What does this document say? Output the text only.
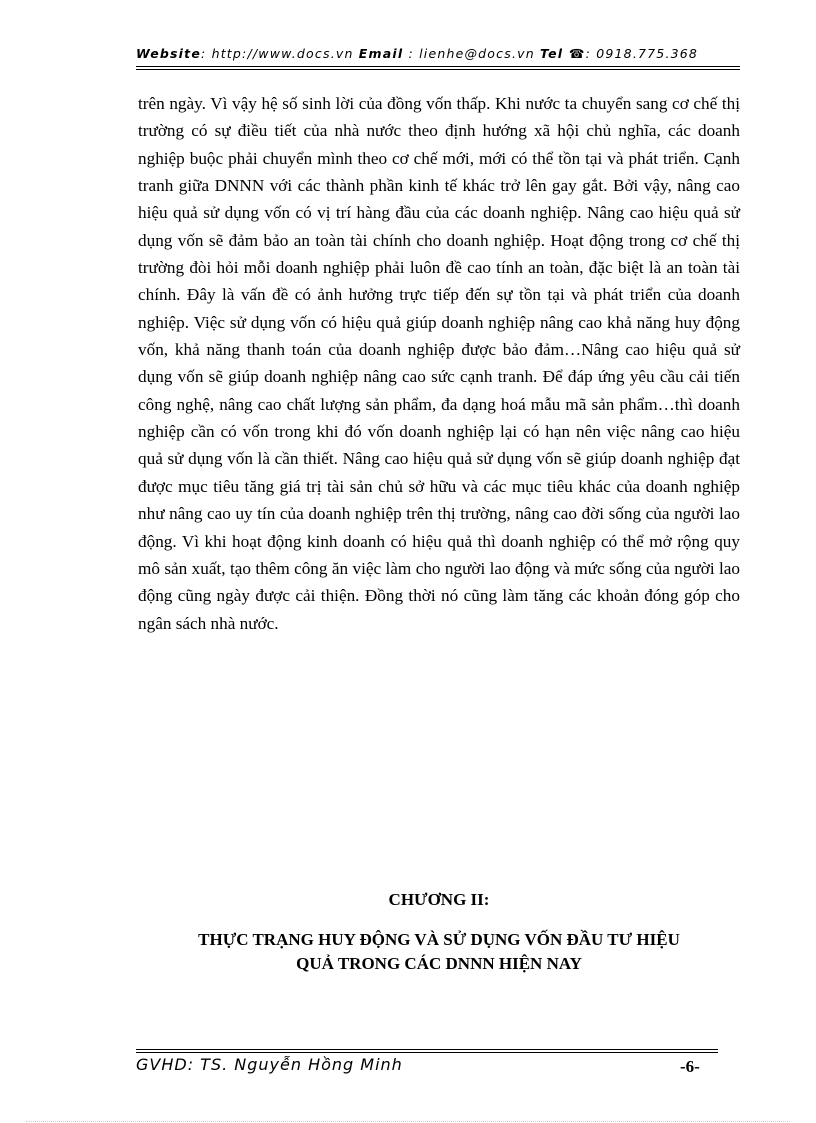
Website: http://www.docs.vn Email : lienhe@docs.vn Tel ☎: 0918.775.368

trên ngày. Vì vậy hệ số sinh lời của đồng vốn thấp. Khi nước ta chuyển sang cơ chế thị trường có sự điều tiết của nhà nước theo định hướng xã hội chủ nghĩa, các doanh nghiệp buộc phải chuyển mình theo cơ chế mới, mới có thể tồn tại và phát triển. Cạnh tranh giữa DNNN với các thành phần kinh tế khác trở lên gay gắt. Bởi vậy, nâng cao hiệu quả sử dụng vốn có vị trí hàng đầu của các doanh nghiệp. Nâng cao hiệu quả sử dụng vốn sẽ đảm bảo an toàn tài chính cho doanh nghiệp. Hoạt động trong cơ chế thị trường đòi hỏi mỗi doanh nghiệp phải luôn đề cao tính an toàn, đặc biệt là an toàn tài chính. Đây là vấn đề có ảnh hưởng trực tiếp đến sự tồn tại và phát triển của doanh nghiệp. Việc sử dụng vốn có hiệu quả giúp doanh nghiệp nâng cao khả năng huy động vốn, khả năng thanh toán của doanh nghiệp được bảo đảm…Nâng cao hiệu quả sử dụng vốn sẽ giúp doanh nghiệp nâng cao sức cạnh tranh. Để đáp ứng yêu cầu cải tiến công nghệ, nâng cao chất lượng sản phẩm, đa dạng hoá mẫu mã sản phẩm…thì doanh nghiệp cần có vốn trong khi đó vốn doanh nghiệp lại có hạn nên việc nâng cao hiệu quả sử dụng vốn là cần thiết. Nâng cao hiệu quả sử dụng vốn sẽ giúp doanh nghiệp đạt được mục tiêu tăng giá trị tài sản chủ sở hữu và các mục tiêu khác của doanh nghiệp như nâng cao uy tín của doanh nghiệp trên thị trường, nâng cao đời sống của người lao động. Vì khi hoạt động kinh doanh có hiệu quả thì doanh nghiệp có thể mở rộng quy mô sản xuất, tạo thêm công ăn việc làm cho người lao động và mức sống của người lao động cũng ngày được cải thiện. Đồng thời nó cũng làm tăng các khoản đóng góp cho ngân sách nhà nước.

CHƯƠNG II:
THỰC TRẠNG HUY ĐỘNG VÀ SỬ DỤNG VỐN ĐẦU TƯ HIỆU
QUẢ TRONG CÁC DNNN HIỆN NAY
GVHD: TS. Nguyễn Hồng Minh	-6-
